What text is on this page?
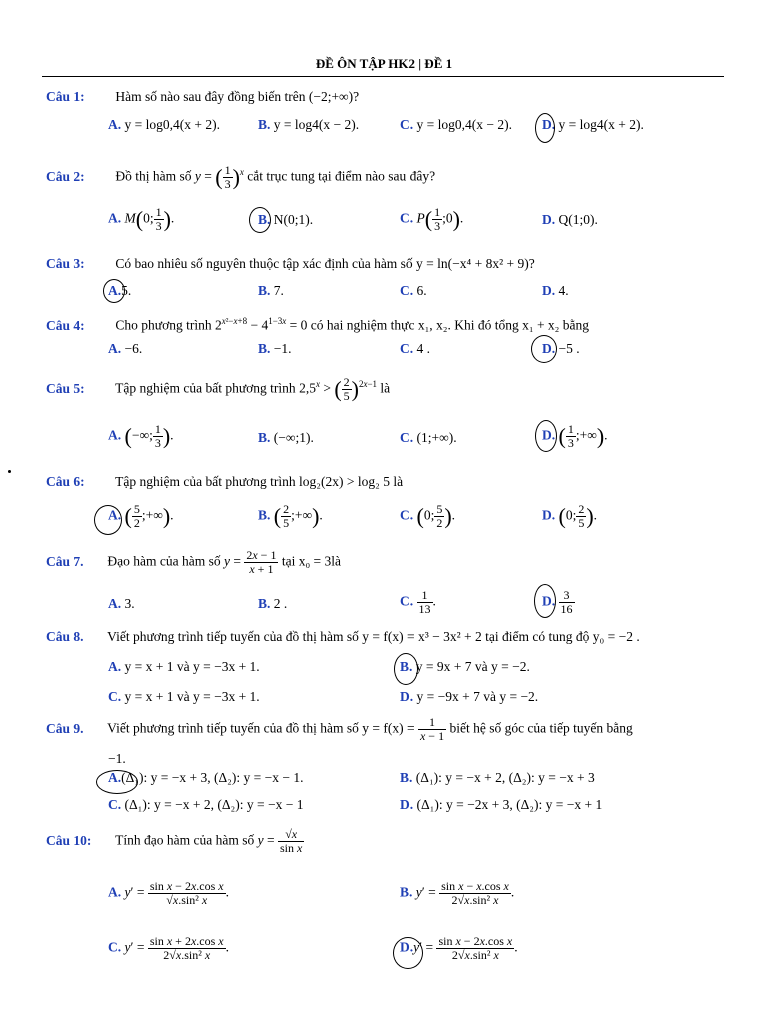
ĐỀ ÔN TẬP HK2 | ĐỀ 1
Câu 1: Hàm số nào sau đây đồng biến trên (−2;+∞)?
A. y = log0,4(x + 2).	B. y = log4(x − 2).	C. y = log0,4(x − 2). D. y = log4(x + 2).
Câu 2: Đồ thị hàm số y = ( $\frac{1}{3} )^x$ cắt trục tung tại điểm nào sau đây?
A. M(0; $\frac{1}{3}$ ).	B. N(0;1).	C. $P( \frac{1}{3}$ ;0).	D. Q(1;0).
Câu 3: Có bao nhiêu số nguyên thuộc tập xác định của hàm số y = ln(−x⁴ + 8x² + 9)?
A.5.	B. 7.	C. 6.	D. 4.
Câu 4: Cho phương trình $2^{x^2-x+8} - 4^{1-3x} = 0$ có hai nghiệm thực x₁, x₂. Khi đó tổng x₁ + x₂ bằng
A. −6.	B. −1.	C. 4 .	D. −5 .
Câu 5: Tập nghiệm của bất phương trình $2,5^x$ > ( $\frac{2}{5} )^{2x-1}$ là
A. (−∞; $\frac{1}{3}$ ).	B. (−∞;1).	C. (1;+∞).	D. ( $\frac{1}{3}$ ;+∞).
Câu 6: Tập nghiệm của bất phương trình log₂(2x) > log₂ 5 là
A. ( $\frac{5}{2}$ ;+∞).	B. ( $\frac{2}{5}$ ;+∞).	C. (0; $\frac{5}{2}$ ).	D. (0; $\frac{2}{5}$ ).
Câu 7. Đạo hàm của hàm số $y = \frac{2x - 1}{x + 1}$ tại x₀ = 3là
A. 3.	B. 2 .	C. $\frac{1}{13}$ .	D. $\frac{3}{16}$
Câu 8. Viết phương trình tiếp tuyến của đồ thị hàm số y = f(x) = x³ − 3x² + 2 tại điểm có tung độ y₀ = −2 .
A. y = x + 1 và y = −3x + 1.	B. y = 9x + 7 và y = −2.
C. y = x + 1 và y = −3x + 1.	D. y = −9x + 7 và y = −2.
Câu 9. Viết phương trình tiếp tuyến của đồ thị hàm số $y = f(x) = \frac{1}{x - 1}$ biết hệ số góc của tiếp tuyến bằng
−1.
A.(Δ₁): y = −x + 3, (Δ₂): y = −x − 1.	B. (Δ₁): y = −x + 2, (Δ₂): y = −x + 3
C. (Δ₁): y = −x + 2, (Δ₂): y = −x − 1	D. (Δ₁): y = −2x + 3, (Δ₂): y = −x + 1
Câu 10: Tính đạo hàm của hàm số $y = \frac{√x}{\text{sin x}}$
A. $y' = \frac{\text{sin x − 2x.cos x}}{\text{√x.sin² x}}$ .	B. $y' = \frac{\text{sin x − x.cos x}}{\text{2√x.sin² x}}$ .
C. $y' = \frac{\text{sin x + 2x.cos x}}{\text{2√x.sin² x}}$ .	$D.y' = \frac{\text{sin x − 2x.cos x}}{\text{2√x.sin² x}}$ .
